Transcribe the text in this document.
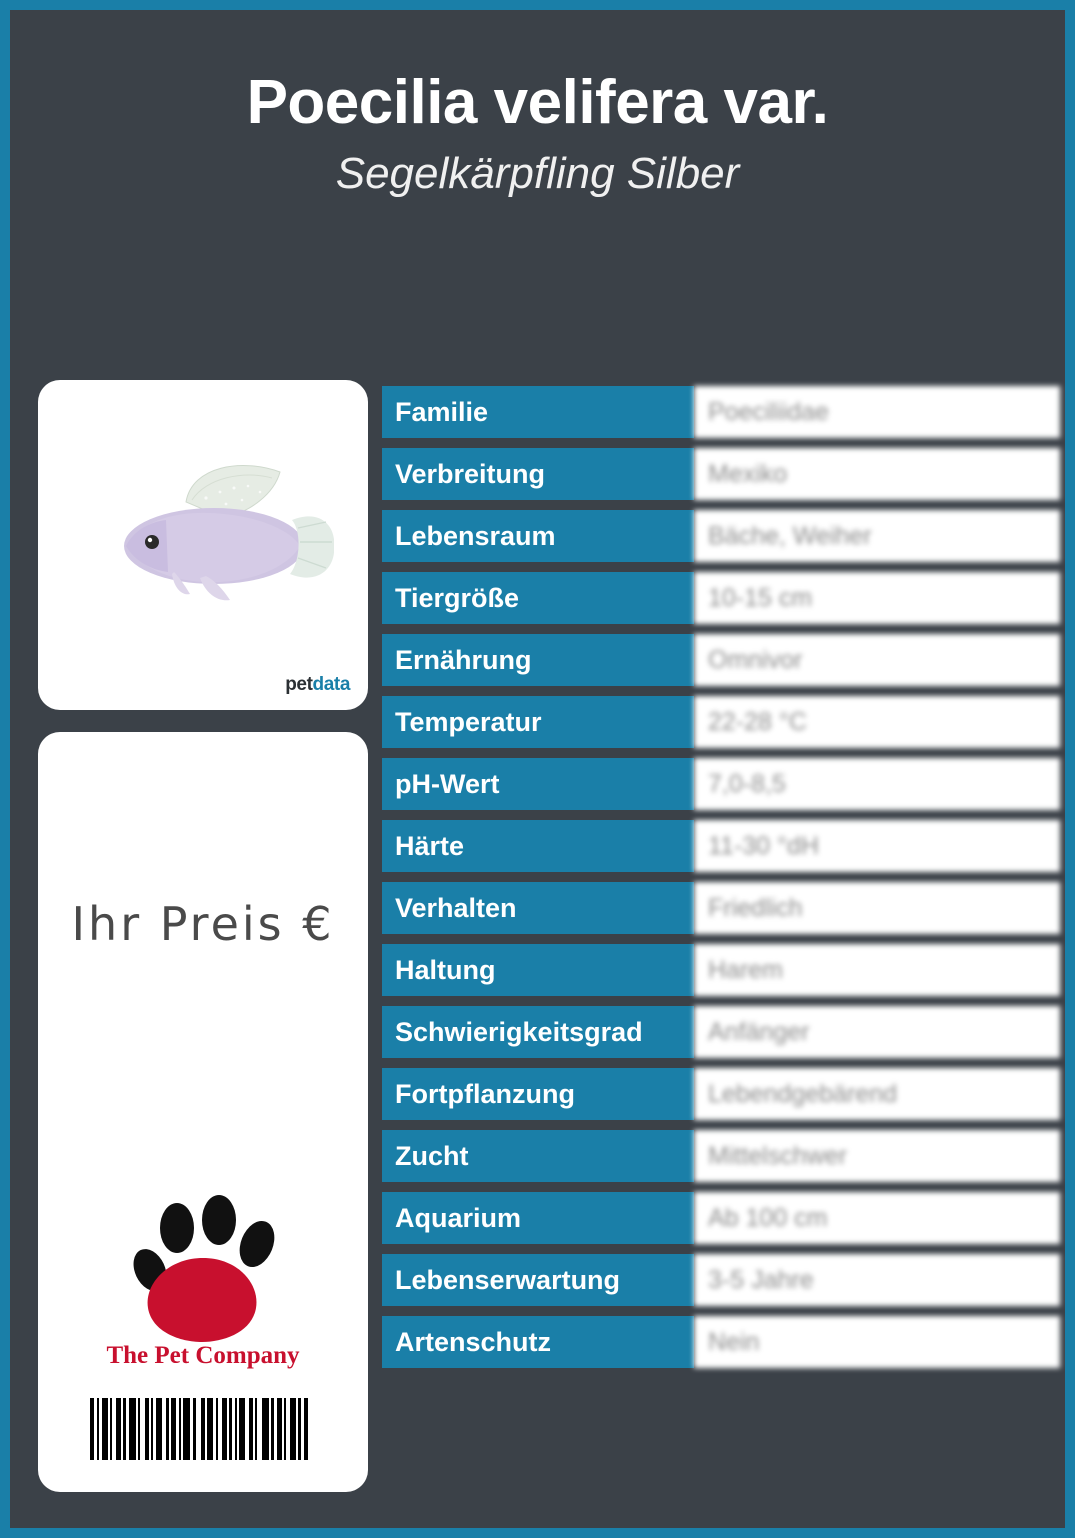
Poecilia velifera var.
Segelkärpfling Silber
petdata
Ihr Preis €
The Pet Company
Familie	Poeciliidae
Verbreitung	Mexiko
Lebensraum	Bäche, Weiher
Tiergröße	10-15 cm
Ernährung	Omnivor
Temperatur	22-28 °C
pH-Wert	7,0-8,5
Härte	11-30 °dH
Verhalten	Friedlich
Haltung	Harem
Schwierigkeitsgrad	Anfänger
Fortpflanzung	Lebendgebärend
Zucht	Mittelschwer
Aquarium	Ab 100 cm
Lebenserwartung	3-5 Jahre
Artenschutz	Nein
